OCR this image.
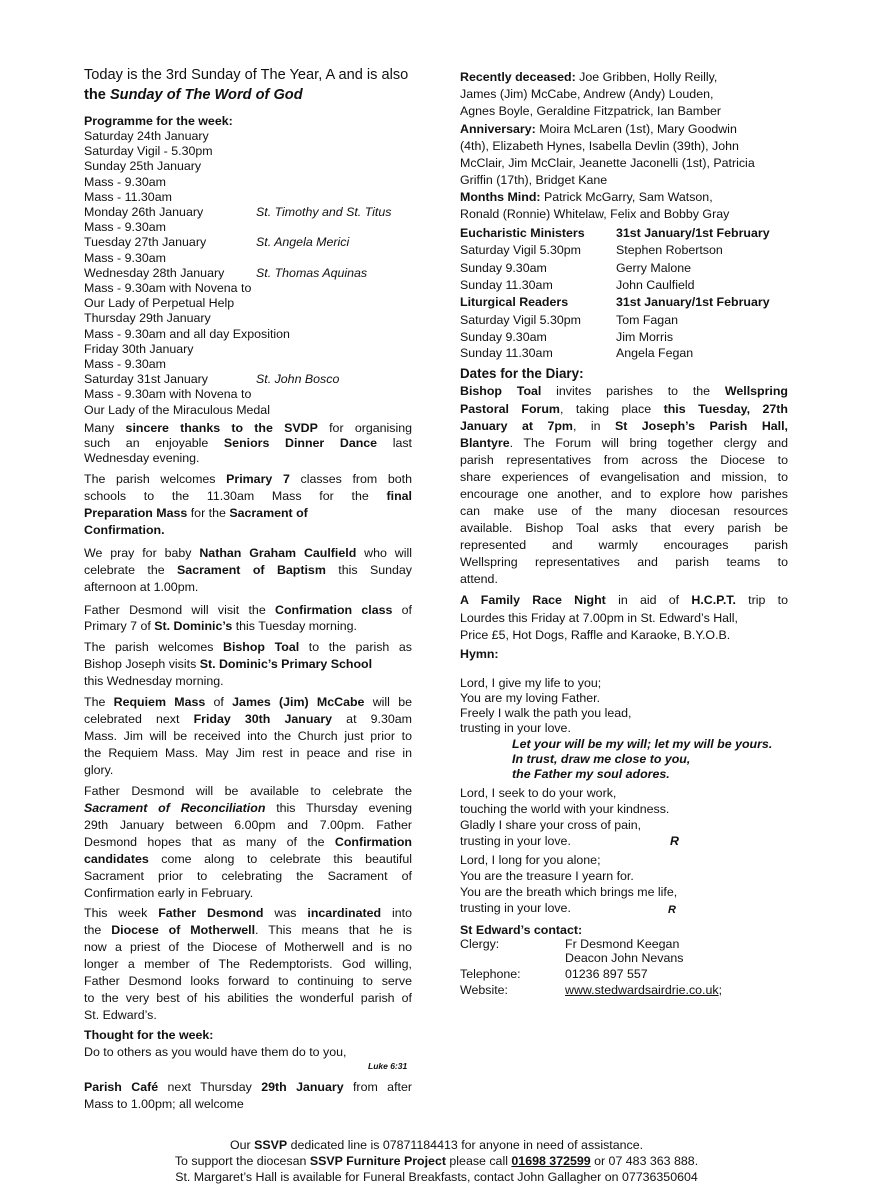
Today is the 3rd Sunday of The Year, A and is also
the Sunday of The Word of God
Programme for the week:
Saturday 24th January
Saturday Vigil - 5.30pm
Sunday 25th January
Mass - 9.30am
Mass - 11.30am
Monday 26th January	St. Timothy and St. Titus
Mass - 9.30am
Tuesday 27th January	St. Angela Merici
Mass - 9.30am
Wednesday 28th January	St. Thomas Aquinas
Mass - 9.30am with Novena to
Our Lady of Perpetual Help
Thursday 29th January
Mass - 9.30am and all day Exposition
Friday 30th January
Mass - 9.30am
Saturday 31st January	St. John Bosco
Mass - 9.30am with Novena to
Our Lady of the Miraculous Medal
Many sincere thanks to the SVDP for organising
such an enjoyable Seniors Dinner Dance last
Wednesday evening.
The parish welcomes Primary 7 classes from both
schools to the 11.30am Mass for the final
Preparation Mass for the Sacrament of
Confirmation.
We pray for baby Nathan Graham Caulfield who will
celebrate the Sacrament of Baptism this Sunday
afternoon at 1.00pm.
Father Desmond will visit the Confirmation class of
Primary 7 of St. Dominic’s this Tuesday morning.
The parish welcomes Bishop Toal to the parish as
Bishop Joseph visits St. Dominic’s Primary School
this Wednesday morning.
The Requiem Mass of James (Jim) McCabe will be
celebrated next Friday 30th January at 9.30am
Mass. Jim will be received into the Church just prior to
the Requiem Mass. May Jim rest in peace and rise in
glory.
Father Desmond will be available to celebrate the
Sacrament of Reconciliation this Thursday evening
29th January between 6.00pm and 7.00pm. Father
Desmond hopes that as many of the Confirmation
candidates come along to celebrate this beautiful
Sacrament prior to celebrating the Sacrament of
Confirmation early in February.
This week Father Desmond was incardinated into
the Diocese of Motherwell. This means that he is
now a priest of the Diocese of Motherwell and is no
longer a member of The Redemptorists. God willing,
Father Desmond looks forward to continuing to serve
to the very best of his abilities the wonderful parish of
St. Edward’s.
Thought for the week:
Do to others as you would have them do to you,
Luke 6:31
Parish Café next Thursday 29th January from after
Mass to 1.00pm; all welcome
Recently deceased: Joe Gribben, Holly Reilly,
James (Jim) McCabe, Andrew (Andy) Louden,
Agnes Boyle, Geraldine Fitzpatrick, Ian Bamber
Anniversary: Moira McLaren (1st), Mary Goodwin
(4th), Elizabeth Hynes, Isabella Devlin (39th), John
McClair, Jim McClair, Jeanette Jaconelli (1st), Patricia
Griffin (17th), Bridget Kane
Months Mind: Patrick McGarry, Sam Watson,
Ronald (Ronnie) Whitelaw, Felix and Bobby Gray
Eucharistic Ministers	31st January/1st February
Saturday Vigil 5.30pm	Stephen Robertson
Sunday 9.30am	Gerry Malone
Sunday 11.30am	John Caulfield
Liturgical Readers	31st January/1st February
Saturday Vigil 5.30pm	Tom Fagan
Sunday 9.30am	Jim Morris
Sunday 11.30am	Angela Fegan
Dates for the Diary:
Bishop Toal invites parishes to the Wellspring
Pastoral Forum, taking place this Tuesday, 27th
January at 7pm, in St Joseph’s Parish Hall,
Blantyre. The Forum will bring together clergy and
parish representatives from across the Diocese to
share experiences of evangelisation and mission, to
encourage one another, and to explore how parishes
can make use of the many diocesan resources
available. Bishop Toal asks that every parish be
represented and warmly encourages parish
Wellspring representatives and parish teams to
attend.
A Family Race Night in aid of H.C.P.T. trip to
Lourdes this Friday at 7.00pm in St. Edward’s Hall,
Price £5, Hot Dogs, Raffle and Karaoke, B.Y.O.B.
Hymn:
Lord, I give my life to you;
You are my loving Father.
Freely I walk the path you lead,
trusting in your love.
Let your will be my will; let my will be yours.
In trust, draw me close to you,
the Father my soul adores.
Lord, I seek to do your work,
touching the world with your kindness.
Gladly I share your cross of pain,
trusting in your love.	R
Lord, I long for you alone;
You are the treasure I yearn for.
You are the breath which brings me life,
trusting in your love.	R
St Edward’s contact:
Clergy:	Fr Desmond Keegan
Deacon John Nevans
Telephone:	01236 897 557
Website:	www.stedwardsairdrie.co.uk;
Our SSVP dedicated line is 07871184413 for anyone in need of assistance.
To support the diocesan SSVP Furniture Project please call 01698 372599 or 07 483 363 888.
St. Margaret’s Hall is available for Funeral Breakfasts, contact John Gallagher on 07736350604
